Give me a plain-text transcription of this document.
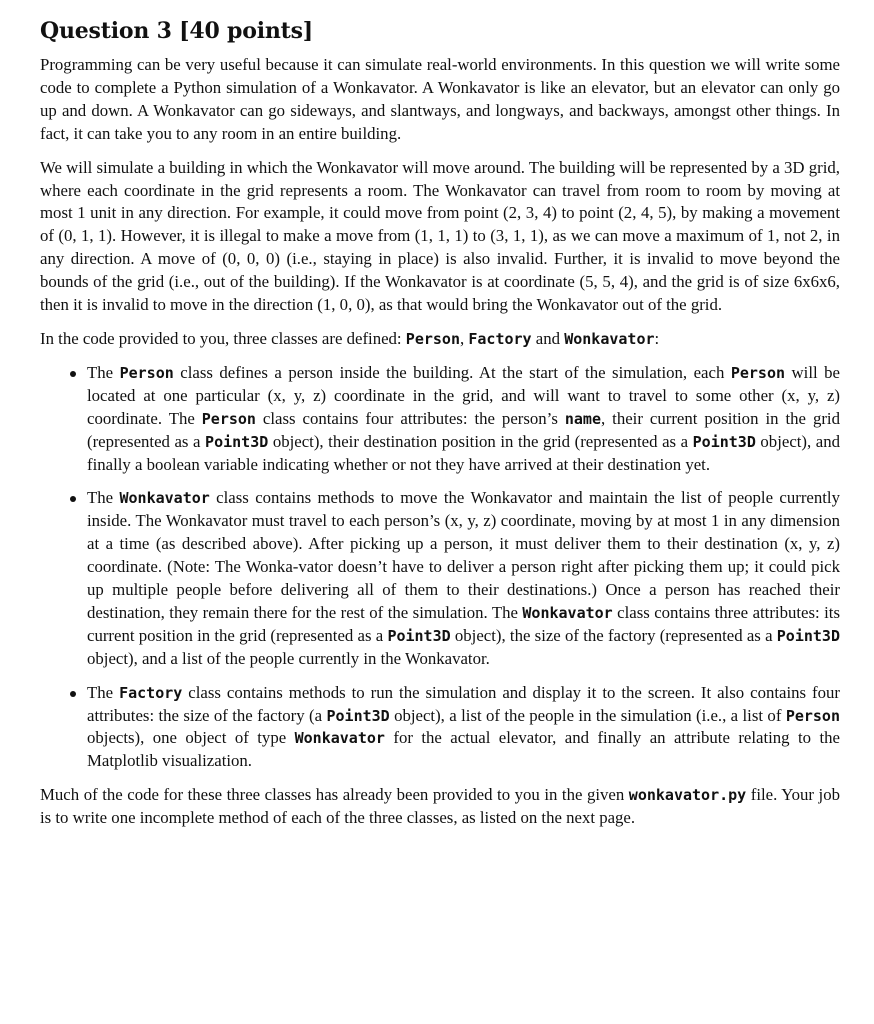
Question 3 [40 points]

Programming can be very useful because it can simulate real-world environments. In this question we will write some code to complete a Python simulation of a Wonkavator. A Wonkavator is like an elevator, but an elevator can only go up and down. A Wonkavator can go sideways, and slantways, and longways, and backways, amongst other things. In fact, it can take you to any room in an entire building.

We will simulate a building in which the Wonkavator will move around. The building will be represented by a 3D grid, where each coordinate in the grid represents a room. The Wonkavator can travel from room to room by moving at most 1 unit in any direction. For example, it could move from point (2, 3, 4) to point (2, 4, 5), by making a movement of (0, 1, 1). However, it is illegal to make a move from (1, 1, 1) to (3, 1, 1), as we can move a maximum of 1, not 2, in any direction. A move of (0, 0, 0) (i.e., staying in place) is also invalid. Further, it is invalid to move beyond the bounds of the grid (i.e., out of the building). If the Wonkavator is at coordinate (5, 5, 4), and the grid is of size 6x6x6, then it is invalid to move in the direction (1, 0, 0), as that would bring the Wonkavator out of the grid.

In the code provided to you, three classes are defined: Person, Factory and Wonkavator:

The Person class defines a person inside the building. At the start of the simulation, each Person will be located at one particular (x, y, z) coordinate in the grid, and will want to travel to some other (x, y, z) coordinate. The Person class contains four attributes: the person’s name, their current position in the grid (represented as a Point3D object), their destination position in the grid (represented as a Point3D object), and finally a boolean variable indicating whether or not they have arrived at their destination yet.
The Wonkavator class contains methods to move the Wonkavator and maintain the list of people currently inside. The Wonkavator must travel to each person’s (x, y, z) coordinate, moving by at most 1 in any dimension at a time (as described above). After picking up a person, it must deliver them to their destination (x, y, z) coordinate. (Note: The Wonka-vator doesn’t have to deliver a person right after picking them up; it could pick up multiple people before delivering all of them to their destinations.) Once a person has reached their destination, they remain there for the rest of the simulation. The Wonkavator class contains three attributes: its current position in the grid (represented as a Point3D object), the size of the factory (represented as a Point3D object), and a list of the people currently in the Wonkavator.
The Factory class contains methods to run the simulation and display it to the screen. It also contains four attributes: the size of the factory (a Point3D object), a list of the people in the simulation (i.e., a list of Person objects), one object of type Wonkavator for the actual elevator, and finally an attribute relating to the Matplotlib visualization.

Much of the code for these three classes has already been provided to you in the given wonkavator.py file. Your job is to write one incomplete method of each of the three classes, as listed on the next page.
